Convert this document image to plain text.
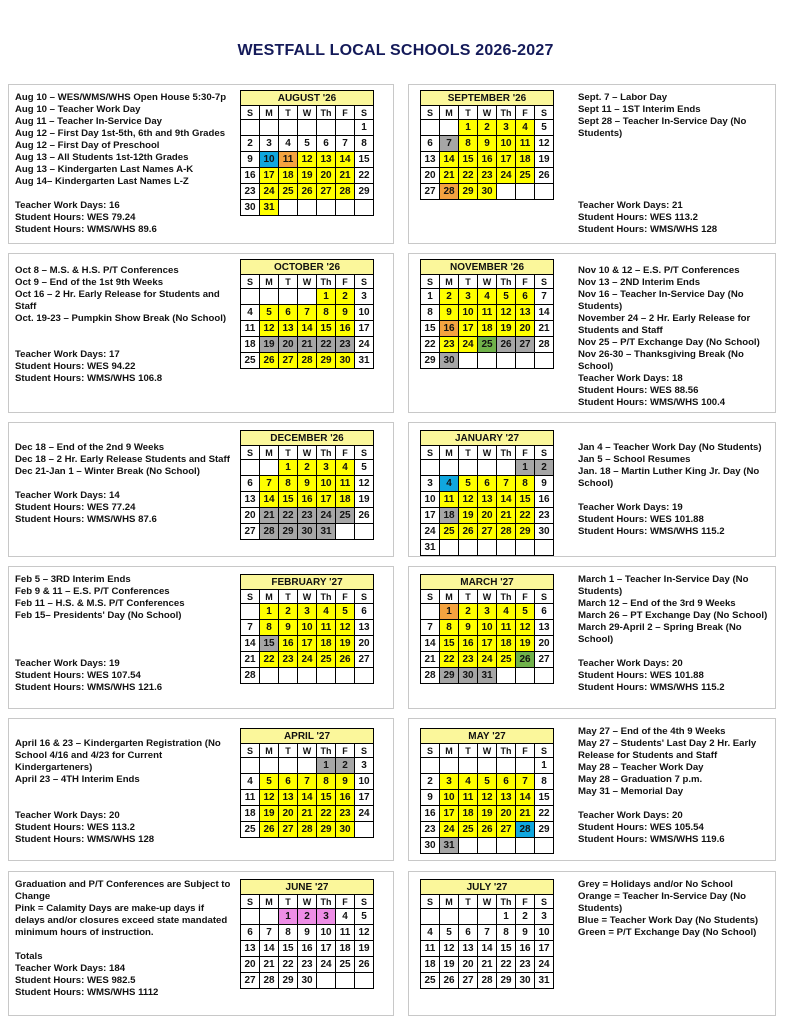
WESTFALL LOCAL SCHOOLS 2026-2027
Aug 10 – WES/WMS/WHS Open House 5:30-7p
Aug 10 – Teacher Work Day
Aug 11 – Teacher In-Service Day
Aug 12 – First Day 1st-5th, 6th and 9th Grades
Aug 12 – First Day of Preschool
Aug 13 – All Students 1st-12th Grades
Aug 13 – Kindergarten Last Names A-K
Aug 14– Kindergarten Last Names L-Z

Teacher Work Days: 16
Student Hours: WES 79.24
Student Hours: WMS/WHS 89.6
Sept. 7 – Labor Day
Sept 11 – 1ST Interim Ends
Sept 28 – Teacher In-Service Day (No Students)

Teacher Work Days: 21
Student Hours: WES 113.2
Student Hours: WMS/WHS 128
AUGUST '26						
S	M	T	W	Th	F	S
						1
2	3	4	5	6	7	8
9	10	11	12	13	14	15
16	17	18	19	20	21	22
23	24	25	26	27	28	29
30	31					
SEPTEMBER '26						
S	M	T	W	Th	F	S
		1	2	3	4	5
6	7	8	9	10	11	12
13	14	15	16	17	18	19
20	21	22	23	24	25	26
27	28	29	30			
Oct 8 – M.S. & H.S. P/T Conferences
Oct 9 – End of the 1st 9th Weeks
Oct 16 – 2 Hr. Early Release for Students and Staff
Oct. 19-23 – Pumpkin Show Break (No School)

Teacher Work Days: 17
Student Hours: WES 94.22
Student Hours: WMS/WHS 106.8
Nov 10 & 12 – E.S. P/T Conferences
Nov 13 – 2ND Interim Ends
Nov 16 – Teacher In-Service Day (No Students)
November 24 – 2 Hr. Early Release for Students and Staff
Nov 25 – P/T Exchange Day (No School)
Nov 26-30 – Thanksgiving Break (No School)
Teacher Work Days: 18
Student Hours: WES 88.56
Student Hours: WMS/WHS 100.4
OCTOBER '26						
S	M	T	W	Th	F	S
				1	2	3
4	5	6	7	8	9	10
11	12	13	14	15	16	17
18	19	20	21	22	23	24
25	26	27	28	29	30	31
NOVEMBER '26						
S	M	T	W	Th	F	S
1	2	3	4	5	6	7
8	9	10	11	12	13	14
15	16	17	18	19	20	21
22	23	24	25	26	27	28
29	30					
Dec 18 – End of the 2nd 9 Weeks
Dec 18 – 2 Hr. Early Release Students and Staff
Dec 21-Jan 1 – Winter Break (No School)

Teacher Work Days: 14
Student Hours: WES 77.24
Student Hours: WMS/WHS 87.6
Jan 4 – Teacher Work Day (No Students)
Jan 5 – School Resumes
Jan. 18 – Martin Luther King Jr. Day (No School)

Teacher Work Days: 19
Student Hours: WES 101.88
Student Hours: WMS/WHS 115.2
DECEMBER '26						
S	M	T	W	Th	F	S
		1	2	3	4	5
6	7	8	9	10	11	12
13	14	15	16	17	18	19
20	21	22	23	24	25	26
27	28	29	30	31		
JANUARY '27						
S	M	T	W	Th	F	S
					1	2
3	4	5	6	7	8	9
10	11	12	13	14	15	16
17	18	19	20	21	22	23
24	25	26	27	28	29	30
31						
Feb 5 – 3RD Interim Ends
Feb 9 & 11 – E.S. P/T Conferences
Feb 11 – H.S. & M.S. P/T Conferences
Feb 15– Presidents' Day (No School)

Teacher Work Days: 19
Student Hours: WES 107.54
Student Hours: WMS/WHS 121.6
March 1 – Teacher In-Service Day (No Students)
March 12 – End of the 3rd 9 Weeks
March 26 – PT Exchange Day (No School)
March 29-April 2 – Spring Break (No School)

Teacher Work Days: 20
Student Hours: WES 101.88
Student Hours: WMS/WHS 115.2
FEBRUARY '27						
S	M	T	W	Th	F	S
	1	2	3	4	5	6
7	8	9	10	11	12	13
14	15	16	17	18	19	20
21	22	23	24	25	26	27
28						
MARCH '27						
S	M	T	W	Th	F	S
	1	2	3	4	5	6
7	8	9	10	11	12	13
14	15	16	17	18	19	20
21	22	23	24	25	26	27
28	29	30	31			

April 16 & 23 – Kindergarten Registration (No School 4/16 and 4/23 for Current Kindergarteners)
April 23 – 4TH Interim Ends

Teacher Work Days: 20
Student Hours: WES 113.2
Student Hours: WMS/WHS 128
May 27 – End of the 4th 9 Weeks
May 27 – Students' Last Day 2 Hr. Early Release for Students and Staff
May 28 – Teacher Work Day
May 28 – Graduation 7 p.m.
May 31 – Memorial Day

Teacher Work Days: 20
Student Hours: WES 105.54
Student Hours: WMS/WHS 119.6
APRIL '27						
S	M	T	W	Th	F	S
				1	2	3
4	5	6	7	8	9	10
11	12	13	14	15	16	17
18	19	20	21	22	23	24
25	26	27	28	29	30	
MAY '27						
S	M	T	W	Th	F	S
						1
2	3	4	5	6	7	8
9	10	11	12	13	14	15
16	17	18	19	20	21	22
23	24	25	26	27	28	29
30	31					
Graduation and P/T Conferences are Subject to Change
Pink = Calamity Days are make-up days if delays and/or closures exceed state mandated minimum hours of instruction.

Totals
Teacher Work Days: 184
Student Hours: WES 982.5
Student Hours: WMS/WHS 1112
Grey = Holidays and/or No School
Orange = Teacher In-Service Day (No Students)
Blue = Teacher Work Day (No Students)
Green = P/T Exchange Day (No School)
JUNE '27						
S	M	T	W	Th	F	S
		1	2	3	4	5
6	7	8	9	10	11	12
13	14	15	16	17	18	19
20	21	22	23	24	25	26
27	28	29	30			
JULY '27						
S	M	T	W	Th	F	S
				1	2	3
4	5	6	7	8	9	10
11	12	13	14	15	16	17
18	19	20	21	22	23	24
25	26	27	28	29	30	31
